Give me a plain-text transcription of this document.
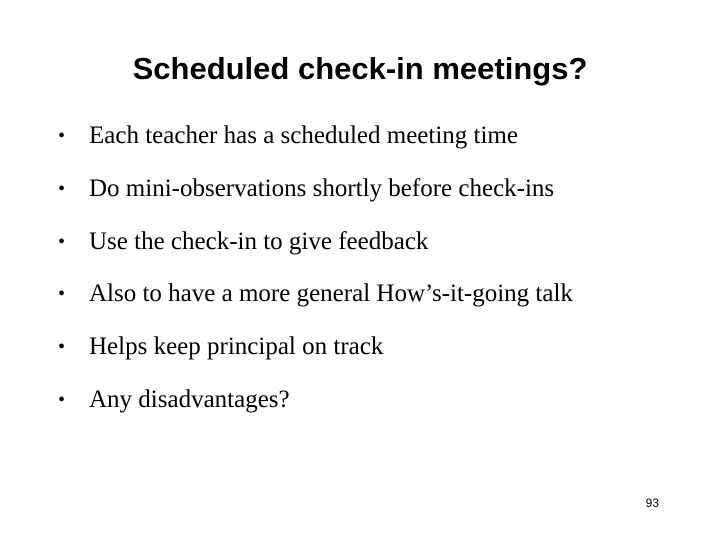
Scheduled check-in meetings?
• Each teacher has a scheduled meeting time
• Do mini-observations shortly before check-ins
• Use the check-in to give feedback
• Also to have a more general How’s-it-going talk
• Helps keep principal on track
• Any disadvantages?
93
